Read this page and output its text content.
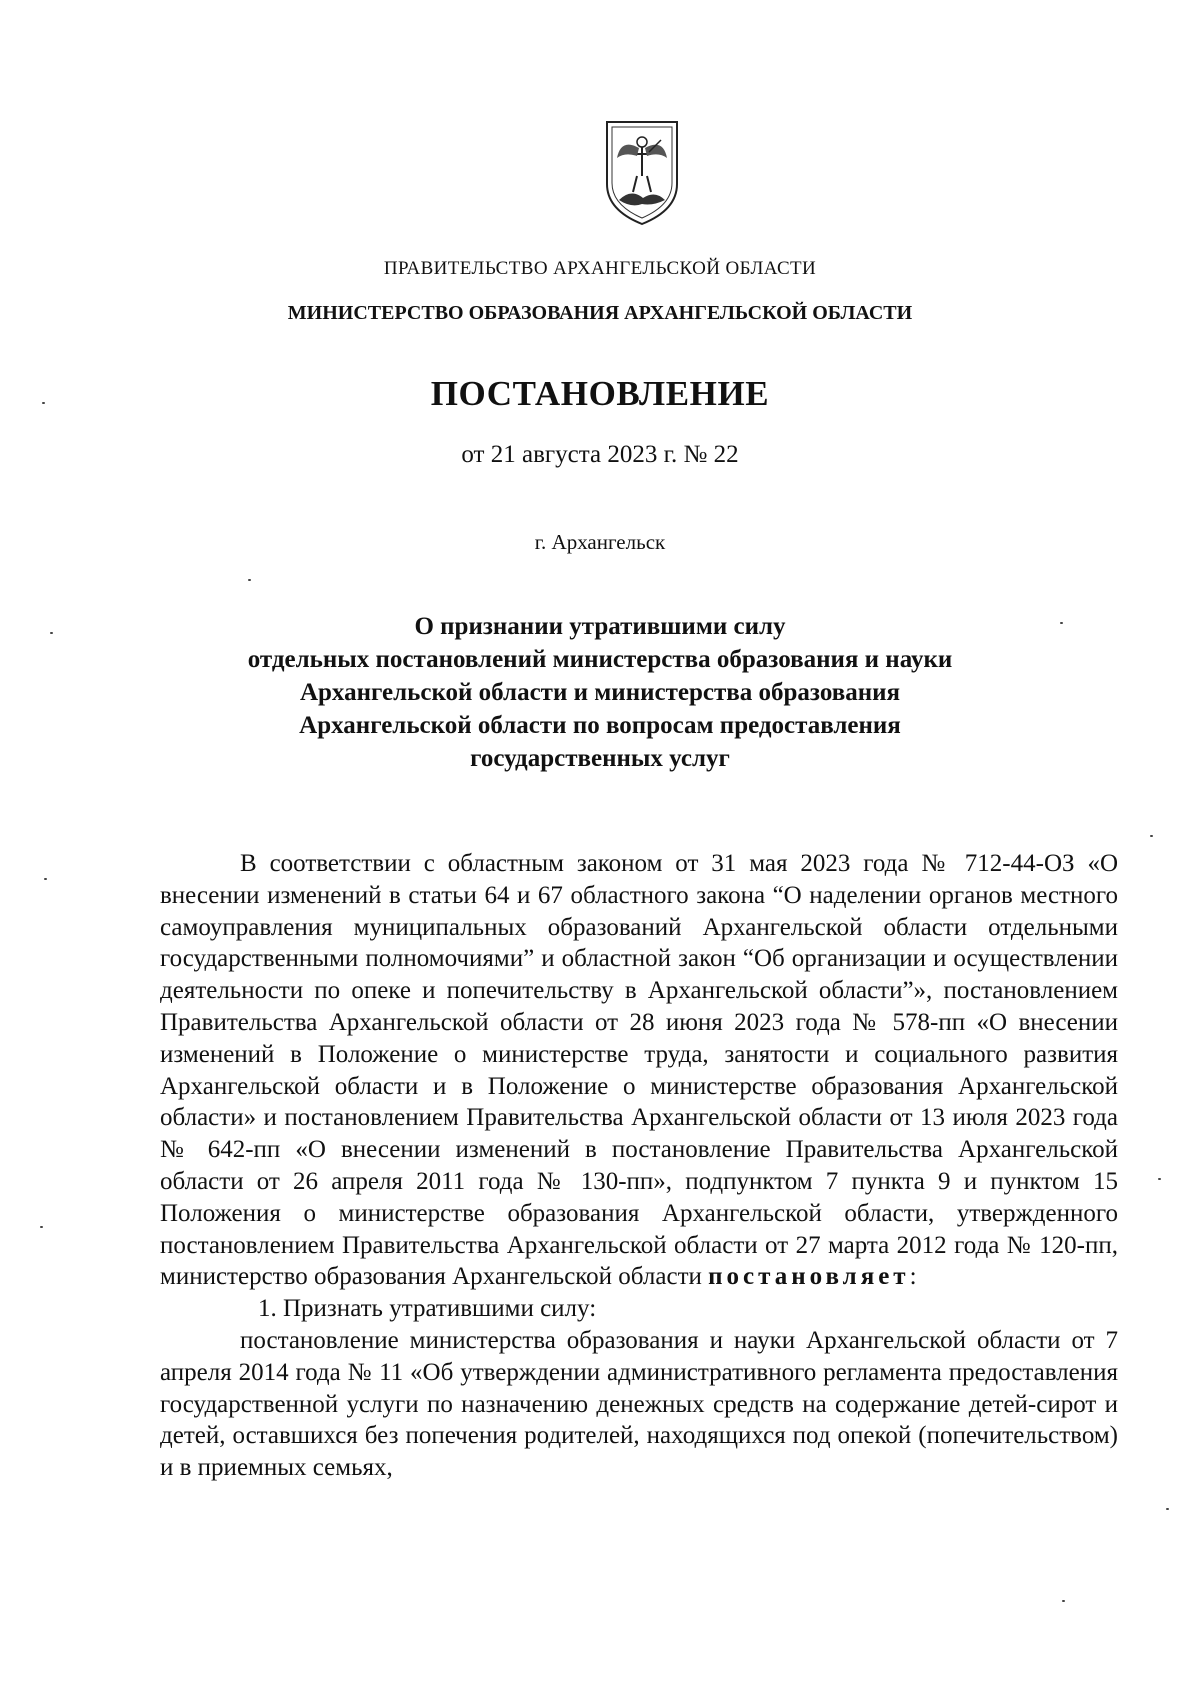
ПРАВИТЕЛЬСТВО АРХАНГЕЛЬСКОЙ ОБЛАСТИ
МИНИСТЕРСТВО ОБРАЗОВАНИЯ АРХАНГЕЛЬСКОЙ ОБЛАСТИ
ПОСТАНОВЛЕНИЕ
от 21 августа 2023 г. № 22
г. Архангельск
О признании утратившими силу
отдельных постановлений министерства образования и науки
Архангельской области и министерства образования
Архангельской области по вопросам предоставления
государственных услуг

В соответствии с областным законом от 31 мая 2023 года № 712-44-ОЗ «О внесении изменений в статьи 64 и 67 областного закона “О наделении органов местного самоуправления муниципальных образований Архангельской области отдельными государственными полномочиями” и областной закон “Об организации и осуществлении деятельности по опеке и попечительству в Архангельской области”», постановлением Правительства Архангельской области от 28 июня 2023 года № 578-пп «О внесении изменений в Положение о министерстве труда, занятости и социального развития Архангельской области и в Положение о министерстве образования Архангельской области» и постановлением Правительства Архангельской области от 13 июля 2023 года № 642-пп «О внесении изменений в постановление Правительства Архангельской области от 26 апреля 2011 года № 130-пп», подпунктом 7 пункта 9 и пунктом 15 Положения о министерстве образования Архангельской области, утвержденного постановлением Правительства Архангельской области от 27 марта 2012 года № 120-пп, министерство образования Архангельской области постановляет:

1. Признать утратившими силу:

постановление министерства образования и науки Архангельской области от 7 апреля 2014 года № 11 «Об утверждении административного регламента предоставления государственной услуги по назначению денежных средств на содержание детей-сирот и детей, оставшихся без попечения родителей, находящихся под опекой (попечительством) и в приемных семьях,
